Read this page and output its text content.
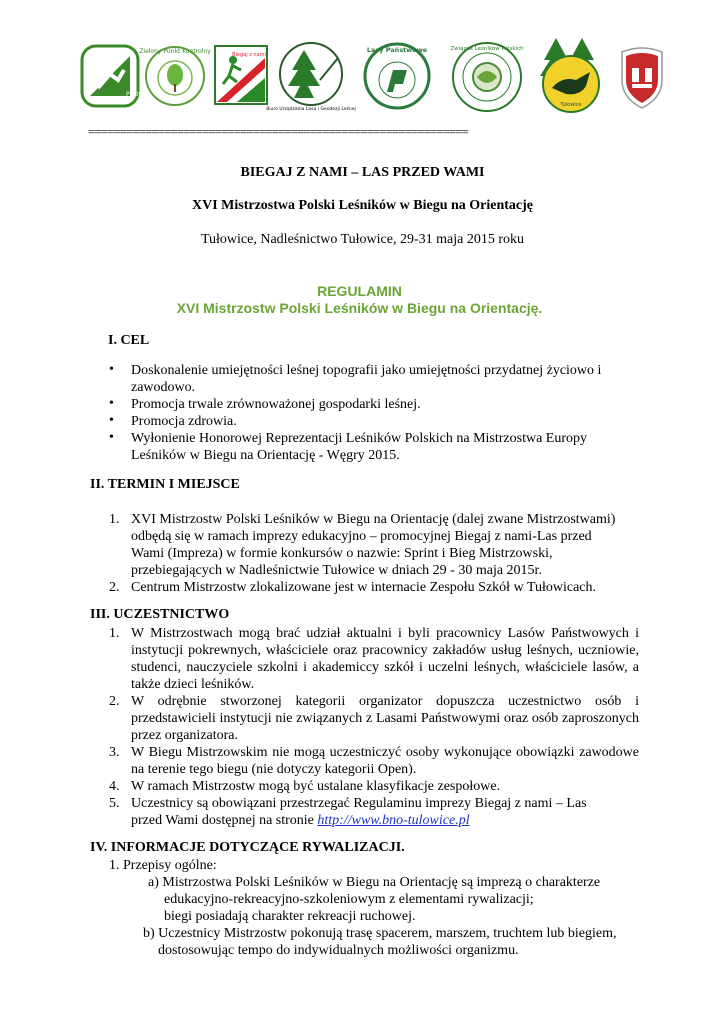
PZOS
Zielony Punkt Kontrolny	Biegaj z nami
Biuro Urządzania Lasu i Geodezji Leśnej
Lasy Państwowe	Związek Leśników Polskich
Tułowice
============================================================
BIEGAJ Z NAMI – LAS PRZED WAMI
XVI Mistrzostwa Polski Leśników w Biegu na Orientację
Tułowice, Nadleśnictwo Tułowice, 29-31 maja 2015 roku
REGULAMIN
XVI Mistrzostw Polski Leśników w Biegu na Orientację.
I. CEL
• Doskonalenie umiejętności leśnej topografii jako umiejętności przydatnej życiowo i zawodowo.
• Promocja trwale zrównoważonej gospodarki leśnej.
• Promocja zdrowia.
• Wyłonienie Honorowej Reprezentacji Leśników Polskich na Mistrzostwa Europy Leśników w Biegu na Orientację - Węgry 2015.
II. TERMIN I MIEJSCE
1. XVI Mistrzostw Polski Leśników w Biegu na Orientację (dalej zwane Mistrzostwami)
odbędą się w ramach imprezy edukacyjno – promocyjnej Biegaj z nami-Las przed
Wami (Impreza) w formie konkursów o nazwie: Sprint i Bieg Mistrzowski,
przebiegających w Nadleśnictwie Tułowice w dniach 29 - 30 maja 2015r.
2. Centrum Mistrzostw zlokalizowane jest w internacie Zespołu Szkół w Tułowicach.
III. UCZESTNICTWO
1. W Mistrzostwach mogą brać udział aktualni i byli pracownicy Lasów Państwowych i instytucji pokrewnych, właściciele oraz pracownicy zakładów usług leśnych, uczniowie, studenci, nauczyciele szkolni i akademiccy szkół i uczelni leśnych, właściciele lasów, a także dzieci leśników.
2. W odrębnie stworzonej kategorii organizator dopuszcza uczestnictwo osób i przedstawicieli instytucji nie związanych z Lasami Państwowymi oraz osób zaproszonych przez organizatora.
3. W Biegu Mistrzowskim nie mogą uczestniczyć osoby wykonujące obowiązki zawodowe na terenie tego biegu (nie dotyczy kategorii Open).
4. W ramach Mistrzostw mogą być ustalane klasyfikacje zespołowe.
5. Uczestnicy są obowiązani przestrzegać Regulaminu imprezy Biegaj z nami – Las
przed Wami dostępnej na stronie http://www.bno-tulowice.pl
IV. INFORMACJE DOTYCZĄCE RYWALIZACJI.
1. Przepisy ogólne:
a) Mistrzostwa Polski Leśników w Biegu na Orientację są imprezą o charakterze
edukacyjno-rekreacyjno-szkoleniowym z elementami rywalizacji;
biegi posiadają charakter rekreacji ruchowej.
b) Uczestnicy Mistrzostw pokonują trasę spacerem, marszem, truchtem lub biegiem,
dostosowując tempo do indywidualnych możliwości organizmu.
